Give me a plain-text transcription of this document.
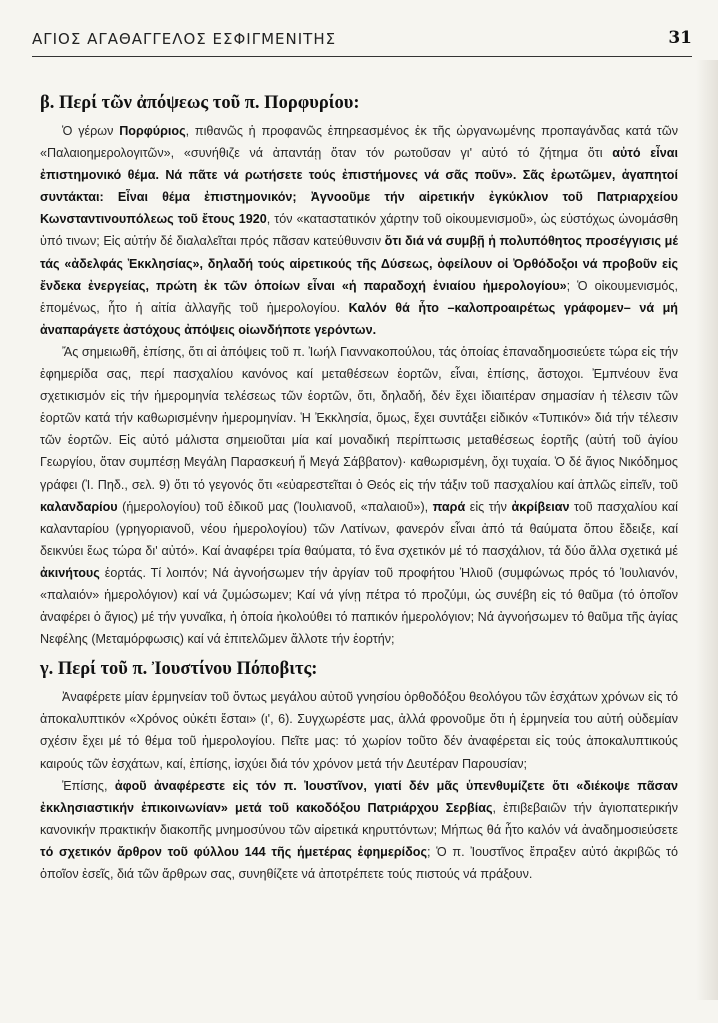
ΑΓΙΟΣ ΑΓΑΘΑΓΓΕΛΟΣ ΕΣΦΙΓΜΕΝΙΤΗΣ	31
β. Περί τῶν ἀπόψεως τοῦ π. Πορφυρίου:

Ὁ γέρων Πορφύριος, πιθανῶς ἡ προφανῶς ἐπηρεασμένος ἐκ τῆς ὠργανωμένης προπαγάνδας κατά τῶν «Παλαιοημερολογιτῶν», «συνήθιζε νά ἀπαντάῃ ὅταν τόν ρωτοῦσαν γι' αὐτό τό ζήτημα ὅτι αὐτό εἶναι ἐπιστημονικό θέμα. Νά πᾶτε νά ρωτήσετε τούς ἐπιστήμονες νά σᾶς ποῦν». Σᾶς ἐρωτῶμεν, ἀγαπητοί συντάκται: Εἶναι θέμα ἐπιστημονικόν; Ἀγνοοῦμε τήν αἱρετικήν ἐγκύκλιον τοῦ Πατριαρχείου Κωνσταντινουπόλεως τοῦ ἔτους 1920, τόν «καταστατικόν χάρτην τοῦ οἰκουμενισμοῦ», ὡς εὐστόχως ὠνομάσθη ὑπό τινων; Εἰς αὐτήν δέ διαλαλεῖται πρός πᾶσαν κατεύθυνσιν ὅτι διά νά συμβῇ ἡ πολυπόθητος προσέγγισις μέ τάς «ἀδελφάς Ἐκκλησίας», δηλαδή τούς αἱρετικούς τῆς Δύσεως, ὀφείλουν οἱ Ὀρθόδοξοι νά προβοῦν εἰς ἔνδεκα ἐνεργείας, πρώτη ἐκ τῶν ὁποίων εἶναι «ἡ παραδοχή ἑνιαίου ἡμερολογίου»; Ὁ οἰκουμενισμός, ἑπομένως, ἦτο ἡ αἰτία ἀλλαγῆς τοῦ ἡμερολογίου. Καλόν θά ἦτο –καλοπροαιρέτως γράφομεν– νά μή ἀναπαράγετε ἀστόχους ἀπόψεις οἱωνδήποτε γερόντων.

Ἄς σημειωθῆ, ἐπίσης, ὅτι αἱ ἀπόψεις τοῦ π. Ἰωήλ Γιαννακοπούλου, τάς ὁποίας ἐπαναδημοσιεύετε τώρα εἰς τήν ἐφημερίδα σας, περί πασχαλίου κανόνος καί μεταθέσεων ἑορτῶν, εἶναι, ἐπίσης, ἄστοχοι. Ἐμπνέουν ἕνα σχετικισμόν εἰς τήν ἡμερομηνία τελέσεως τῶν ἑορτῶν, ὅτι, δηλαδή, δέν ἔχει ἰδιαιτέραν σημασίαν ἡ τέλεσιν τῶν ἑορτῶν κατά τήν καθωρισμένην ἡμερομηνίαν. Ἡ Ἐκκλησία, ὅμως, ἔχει συντάξει εἰδικόν «Τυπικόν» διά τήν τέλεσιν τῶν ἑορτῶν. Εἰς αὐτό μάλιστα σημειοῦται μία καί μοναδική περίπτωσις μεταθέσεως ἑορτῆς (αὐτή τοῦ ἁγίου Γεωργίου, ὅταν συμπέσῃ Μεγάλη Παρασκευή ἤ Μεγά Σάββατον)· καθωρισμένη, ὄχι τυχαία. Ὁ δέ ἅγιος Νικόδημος γράφει (Ἰ. Πηδ., σελ. 9) ὅτι τό γεγονός ὅτι «εὐαρεστεῖται ὁ Θεός εἰς τήν τάξιν τοῦ πασχαλίου καί ἁπλῶς εἰπεῖν, τοῦ καλανδαρίου (ἡμερολογίου) τοῦ ἐδικοῦ μας (Ἰουλιανοῦ, «παλαιοῦ»), παρά εἰς τήν ἀκρίβειαν τοῦ πασχαλίου καί καλανταρίου (γρηγοριανοῦ, νέου ἡμερολογίου) τῶν Λατίνων, φανερόν εἶναι ἀπό τά θαύματα ὅπου ἔδειξε, καί δεικνύει ἕως τώρα δι' αὐτό». Καί ἀναφέρει τρία θαύματα, τό ἕνα σχετικόν μέ τό πασχάλιον, τά δύο ἄλλα σχετικά μέ ἀκινήτους ἑορτάς. Τί λοιπόν; Νά ἀγνοήσωμεν τήν ἀργίαν τοῦ προφήτου Ἠλιοῦ (συμφώνως πρός τό Ἰουλιανόν, «παλαιόν» ἡμερολόγιον) καί νά ζυμώσωμεν; Καί νά γίνῃ πέτρα τό προζύμι, ὡς συνέβη εἰς τό θαῦμα (τό ὁποῖον ἀναφέρει ὁ ἅγιος) μέ τήν γυναῖκα, ἡ ὁποία ἠκολούθει τό παπικόν ἡμερολόγιον; Νά ἀγνοήσωμεν τό θαῦμα τῆς ἁγίας Νεφέλης (Μεταμόρφωσις) καί νά ἐπιτελῶμεν ἄλλοτε τήν ἑορτήν;

γ. Περί τοῦ π. Ἰουστίνου Πόποβιτς:

Ἀναφέρετε μίαν ἑρμηνείαν τοῦ ὄντως μεγάλου αὐτοῦ γνησίου ὀρθοδόξου θεολόγου τῶν ἐσχάτων χρόνων εἰς τό ἀποκαλυπτικόν «Χρόνος οὐκέτι ἔσται» (ι', 6). Συγχωρέστε μας, ἀλλά φρονοῦμε ὅτι ἡ ἑρμηνεία του αὐτή οὐδεμίαν σχέσιν ἔχει μέ τό θέμα τοῦ ἡμερολογίου. Πεῖτε μας: τό χωρίον τοῦτο δέν ἀναφέρεται εἰς τούς ἀποκαλυπτικούς καιρούς τῶν ἐσχάτων, καί, ἐπίσης, ἰσχύει διά τόν χρόνον μετά τήν Δευτέραν Παρουσίαν;

Ἐπίσης, ἀφοῦ ἀναφέρεστε εἰς τόν π. Ἰουστῖνον, γιατί δέν μᾶς ὑπενθυμίζετε ὅτι «διέκοψε πᾶσαν ἐκκλησιαστικήν ἐπικοινωνίαν» μετά τοῦ κακοδόξου Πατριάρχου Σερβίας, ἐπιβεβαιῶν τήν ἁγιοπατερικήν κανονικήν πρακτικήν διακοπῆς μνημοσύνου τῶν αἱρετικά κηρυττόντων; Μήπως θά ἦτο καλόν νά ἀναδημοσιεύσετε τό σχετικόν ἄρθρον τοῦ φύλλου 144 τῆς ἡμετέρας ἐφημερίδος; Ὁ π. Ἰουστῖνος ἔπραξεν αὐτό ἀκριβῶς τό ὁποῖον ἐσεῖς, διά τῶν ἄρθρων σας, συνηθίζετε νά ἀποτρέπετε τούς πιστούς νά πράξουν.
